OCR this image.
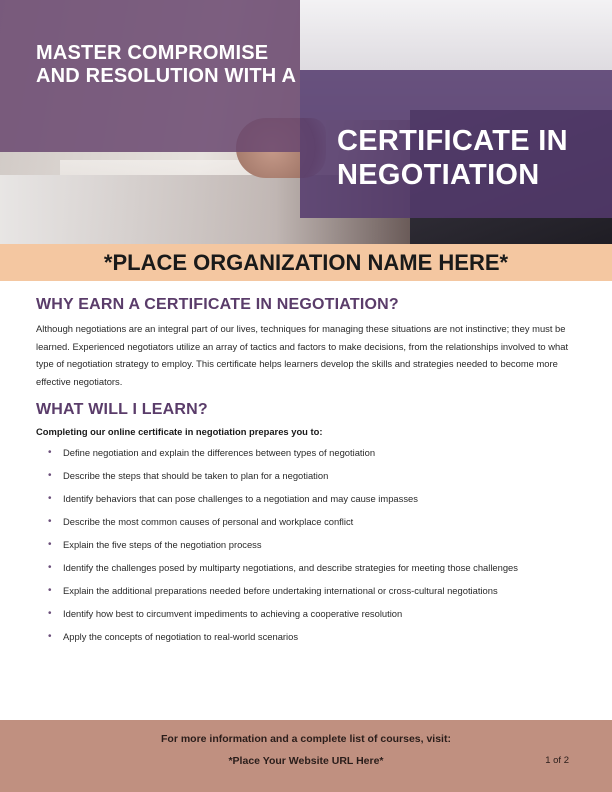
MASTER COMPROMISE AND RESOLUTION WITH A
CERTIFICATE IN NEGOTIATION
*PLACE ORGANIZATION NAME HERE*
WHY EARN A CERTIFICATE IN NEGOTIATION?

Although negotiations are an integral part of our lives, techniques for managing these situations are not instinctive; they must be learned. Experienced negotiators utilize an array of tactics and factors to make decisions, from the relationships involved to what type of negotiation strategy to employ. This certificate helps learners develop the skills and strategies needed to become more effective negotiators.

WHAT WILL I LEARN?
Completing our online certificate in negotiation prepares you to:
• Define negotiation and explain the differences between types of negotiation
• Describe the steps that should be taken to plan for a negotiation
• Identify behaviors that can pose challenges to a negotiation and may cause impasses
• Describe the most common causes of personal and workplace conflict
• Explain the five steps of the negotiation process
• Identify the challenges posed by multiparty negotiations, and describe strategies for meeting those challenges
• Explain the additional preparations needed before undertaking international or cross-cultural negotiations
• Identify how best to circumvent impediments to achieving a cooperative resolution
• Apply the concepts of negotiation to real-world scenarios
For more information and a complete list of courses, visit:
*Place Your Website URL Here*	1 of 2
